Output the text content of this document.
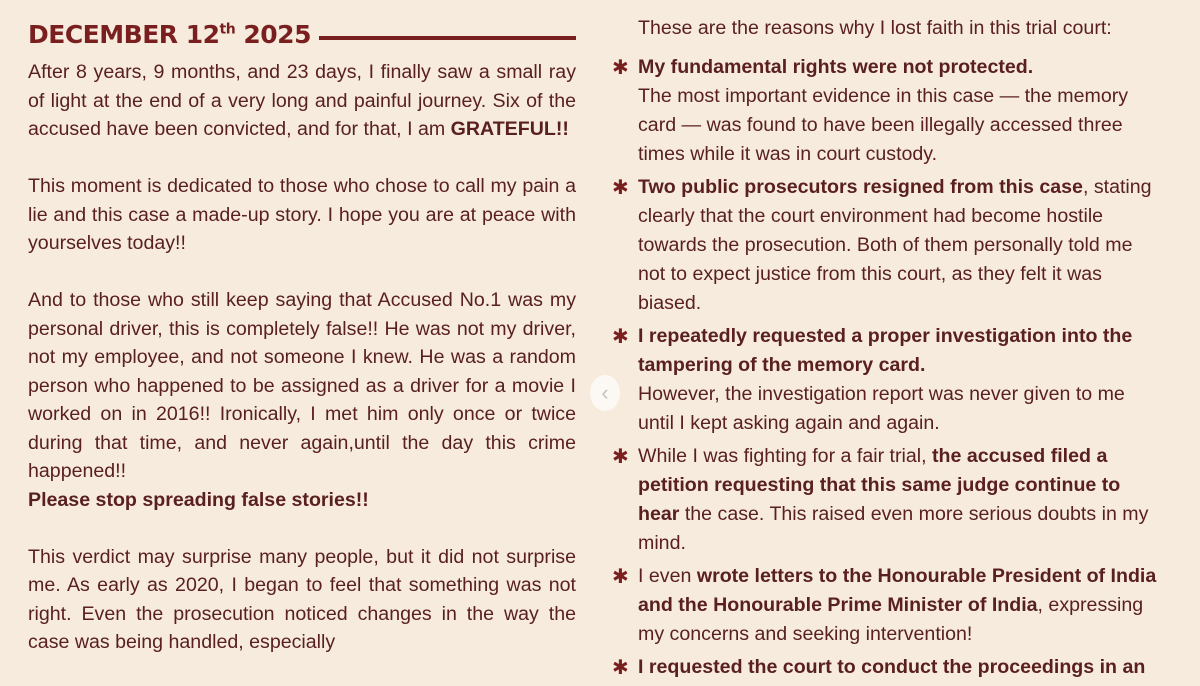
DECEMBER 12th 2025

After 8 years, 9 months, and 23 days, I finally saw a small ray of light at the end of a very long and painful journey. Six of the accused have been convicted, and for that, I am GRATEFUL!!

This moment is dedicated to those who chose to call my pain a lie and this case a made-up story. I hope you are at peace with yourselves today!!

And to those who still keep saying that Accused No.1 was my personal driver, this is completely false!! He was not my driver, not my employee, and not someone I knew. He was a random person who happened to be assigned as a driver for a movie I worked on in 2016!! Ironically, I met him only once or twice during that time, and never again,until the day this crime happened!!
Please stop spreading false stories!!

This verdict may surprise many people, but it did not surprise me. As early as 2020, I began to feel that something was not right. Even the prosecution noticed changes in the way the case was being handled, especially

These are the reasons why I lost faith in this trial court:

✱ My fundamental rights were not protected.

The most important evidence in this case — the memory

card — was found to have been illegally accessed three

times while it was in court custody.

✱ Two public prosecutors resigned from this case, stating

clearly that the court environment had become hostile

towards the prosecution. Both of them personally told me

not to expect justice from this court, as they felt it was

biased.

✱ I repeatedly requested a proper investigation into the

tampering of the memory card.

However, the investigation report was never given to me

until I kept asking again and again.

✱ While I was fighting for a fair trial, the accused filed a

petition requesting that this same judge continue to

hear the case. This raised even more serious doubts in my

mind.

✱ I even wrote letters to the Honourable President of India

and the Honourable Prime Minister of India, expressing

my concerns and seeking intervention!

✱ I requested the court to conduct the proceedings in an

‹
